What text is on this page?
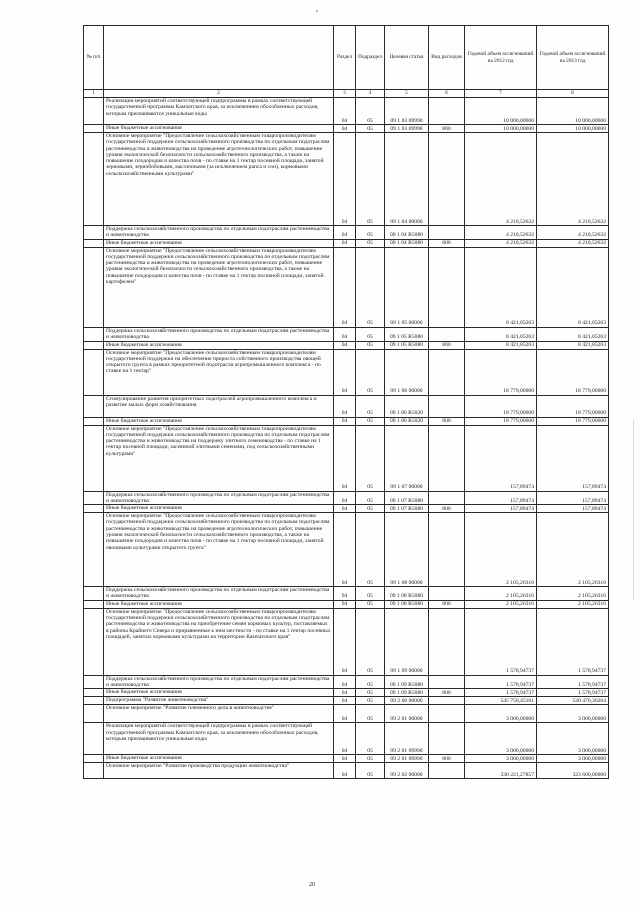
№ п/п		Раздел	Подраздел	Целевая статья	Вид расходов	Годовой объем ассигнований на 2012 год	Годовой объем ассигнований на 2013 год
1	2	3	4	5	6	7	8
	Реализация мероприятий соответствующей подпрограммы в рамках соответствующей государственной программы Камчатского края, за исключением обособленных расходов, которым присваиваются уникальные коды	04	05	09 1 03 09990		10 000,00000	10 000,00000
	Иные бюджетные ассигнования	04	05	09 1 03 09990	800	10 000,00000	10 000,00000
	Основное мероприятие "Предоставление сельскохозяйственным товаропроизводителям государственной поддержки сельскохозяйственного производства по отдельным подотраслям растениеводства и животноводства на проведение агротехнологических работ, повышение уровня экологической безопасности сельскохозяйственного производства, а также на повышение плодородия и качества почв - по ставке на 1 гектар посевной площади, занятой зерновыми, зернобобовыми, масличными (за исключением рапса и сои), кормовыми сельскохозяйственными культурами"	04	05	09 1 04 00000		4 210,52632	4 210,52632
	Поддержка сельскохозяйственного производства по отдельным подотраслям растениеводства и животноводства	04	05	09 1 04 R5080		4 210,52632	4 210,52632
	Иные бюджетные ассигнования	04	05	09 1 04 R5080	800	4 210,52632	4 210,52632
	Основное мероприятие "Предоставление сельскохозяйственным товаропроизводителям государственной поддержки сельскохозяйственного производства по отдельным подотраслям растениеводства и животноводства на проведение агротехнологических работ, повышение уровня экологической безопасности сельскохозяйственного производства, а также на повышение плодородия и качества почв - по ставке на 1 гектар посевной площади, занятой картофелем"	04	05	09 1 05 00000		8 421,05263	8 421,05263
	Поддержка сельскохозяйственного производства по отдельным подотраслям растениеводства и животноводства	04	05	09 1 05 R5080		8 421,05263	8 421,05263
	Иные бюджетные ассигнования	04	05	09 1 05 R5080	800	8 421,05263	8 421,05263
	Основное мероприятие "Предоставление сельскохозяйственным товаропроизводителям государственной поддержки на обеспечение прироста собственного производства овощей открытого грунта в рамках приоритетной подотрасли агропромышленного комплекса - по ставке на 1 гектар"	04	05	09 1 06 00000		18 779,00000	18 779,00000
	Стимулирование развития приоритетных подотраслей агропромышленного комплекса и развитие малых форм хозяйствования	04	05	09 1 06 R5020		18 779,00000	18 779,00000
	Иные бюджетные ассигнования	04	05	09 1 06 R5020	800	18 779,00000	18 779,00000
	Основное мероприятие "Предоставление сельскохозяйственным товаропроизводителям государственной поддержки сельскохозяйственного производства по отдельным подотраслям растениеводства и животноводства на поддержку элитного семеноводства - по ставке на 1 гектар посевной площади, засеянной элитными семенами, под сельскохозяйственными культурами"	04	05	09 1 07 00000		157,89474	157,89474
	Поддержка сельскохозяйственного производства по отдельным подотраслям растениеводства и животноводства	04	05	09 1 07 R5080		157,89474	157,89474
	Иные бюджетные ассигнования	04	05	09 1 07 R5080	800	157,89474	157,89474
	Основное мероприятие "Предоставление сельскохозяйственным товаропроизводителям государственной поддержки сельскохозяйственного производства по отдельным подотраслям растениеводства и животноводства на проведение агротехнологических работ, повышение уровня экологической безопасности сельскохозяйственного производства, а также на повышение плодородия и качества почв - по ставке на 1 гектар посевной площади, занятой овощными культурами открытого грунта"	04	05	09 1 08 00000		2 105,26316	2 105,26316
	Поддержка сельскохозяйственного производства по отдельным подотраслям растениеводства и животноводства	04	05	09 1 08 R5080		2 105,26316	2 105,26316
	Иные бюджетные ассигнования	04	05	09 1 08 R5080	800	2 105,26316	2 105,26316
	Основное мероприятие "Предоставление сельскохозяйственным товаропроизводителям государственной поддержки сельскохозяйственного производства по отдельным подотраслям растениеводства и животноводства на приобретение семян кормовых культур, поставляемых в районы Крайнего Севера и приравненные к ним местности - по ставке на 1 гектар посевных площадей, занятых кормовыми культурами на территории Камчатского края"	04	05	09 1 09 00000		1 578,94737	1 578,94737
	Поддержка сельскохозяйственного производства по отдельным подотраслям растениеводства и животноводства	04	05	09 1 09 R5080		1 578,94737	1 578,94737
	Иные бюджетные ассигнования	04	05	09 1 09 R5080	800	1 578,94737	1 578,94737
	Подпрограмма "Развитие животноводства"	04	05	09 2 00 00000		545 750,45101	520 470,36264
	Основное мероприятие "Развитие племенного дела в животноводстве"	04	05	09 2 01 00000		3 000,00000	3 000,00000
	Реализация мероприятий соответствующей подпрограммы в рамках соответствующей государственной программы Камчатского края, за исключением обособленных расходов, которым присваиваются уникальные коды	04	05	09 2 01 09990		3 000,00000	3 000,00000
	Иные бюджетные ассигнования	04	05	09 2 01 09990	800	3 000,00000	3 000,00000
	Основное мероприятие "Развитие производства продукции животноводства"	04	05	09 2 02 00000		330 221,27857	323 600,00000
20
